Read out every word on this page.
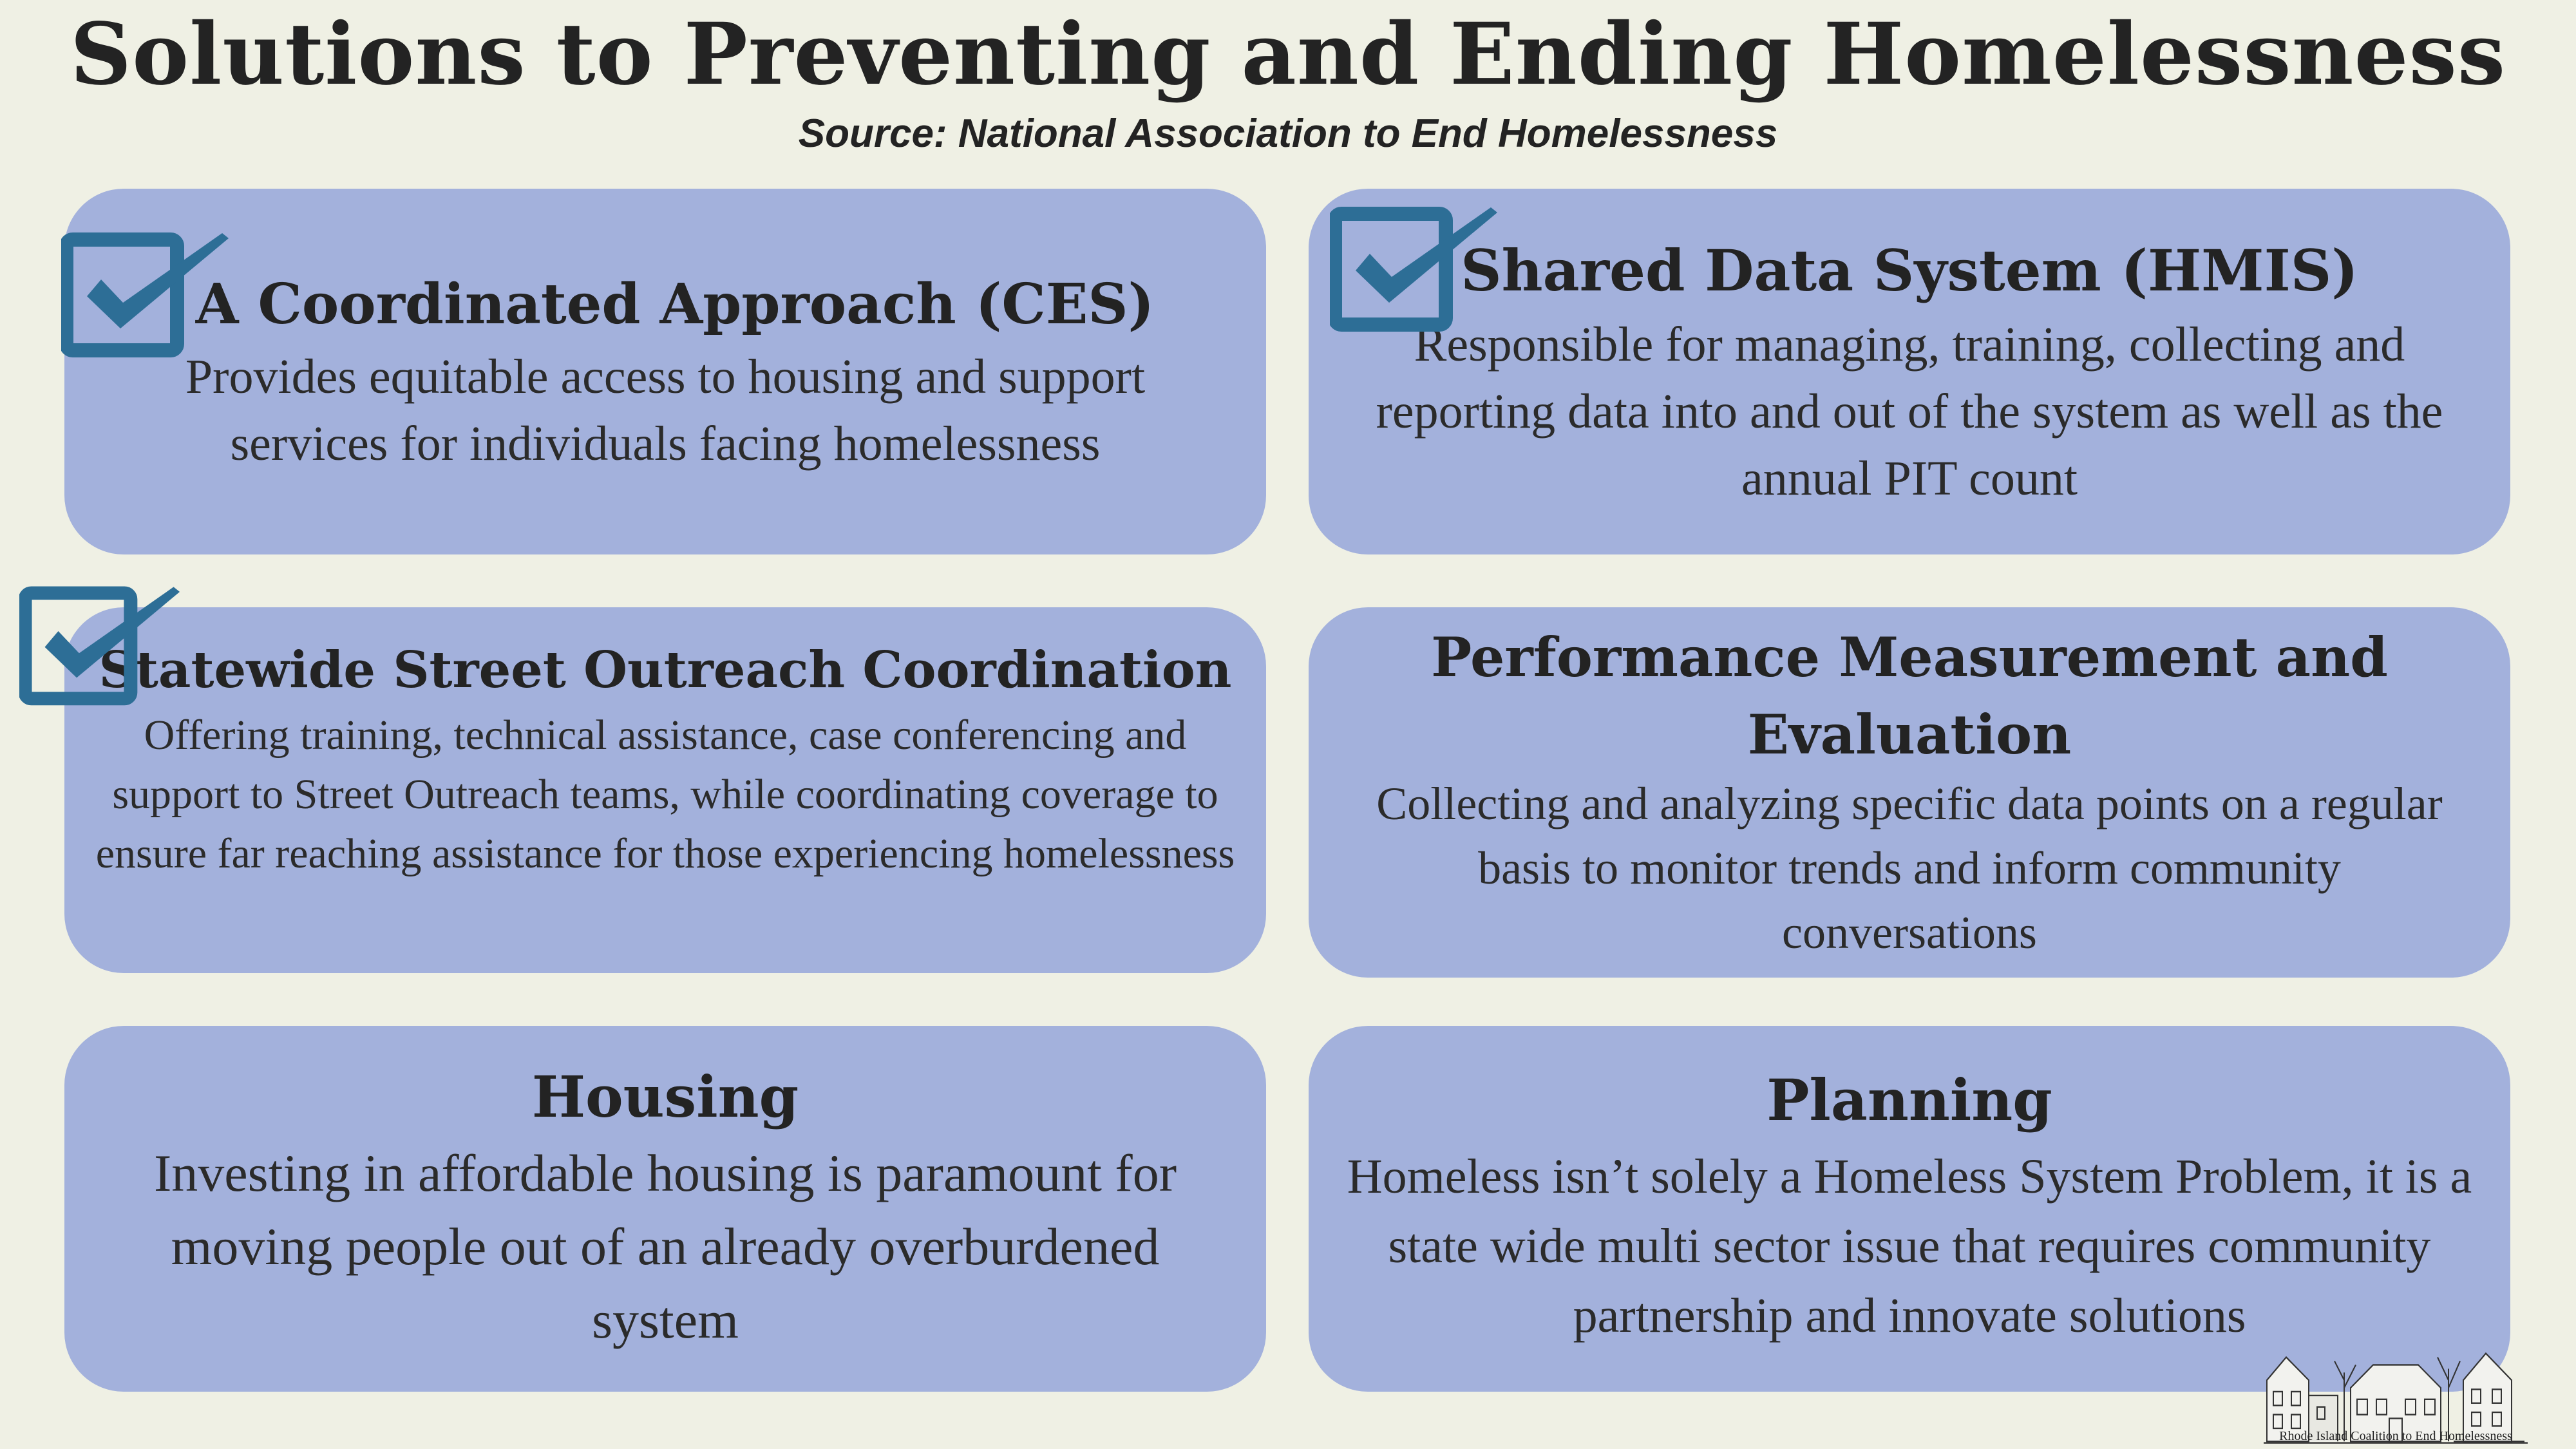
Solutions to Preventing and Ending Homelessness
Source: National Association to End Homelessness
A Coordinated Approach (CES)
Provides equitable access to housing and support services for individuals facing homelessness
Shared Data System (HMIS)
Responsible for managing, training, collecting and reporting data into and out of the system as well as the annual PIT count
Statewide Street Outreach Coordination
Offering training, technical assistance, case conferencing and support to Street Outreach teams, while coordinating coverage to ensure far reaching assistance for those experiencing homelessness
Performance Measurement and
Evaluation
Collecting and analyzing specific data points on a regular basis to monitor trends and inform community conversations
Housing
Investing in affordable housing is paramount for moving people out of an already overburdened system
Planning
Homeless isn’t solely a Homeless System Problem, it is a state wide multi sector issue that requires community partnership and innovate solutions
Rhode Island Coalition to End Homelessness
